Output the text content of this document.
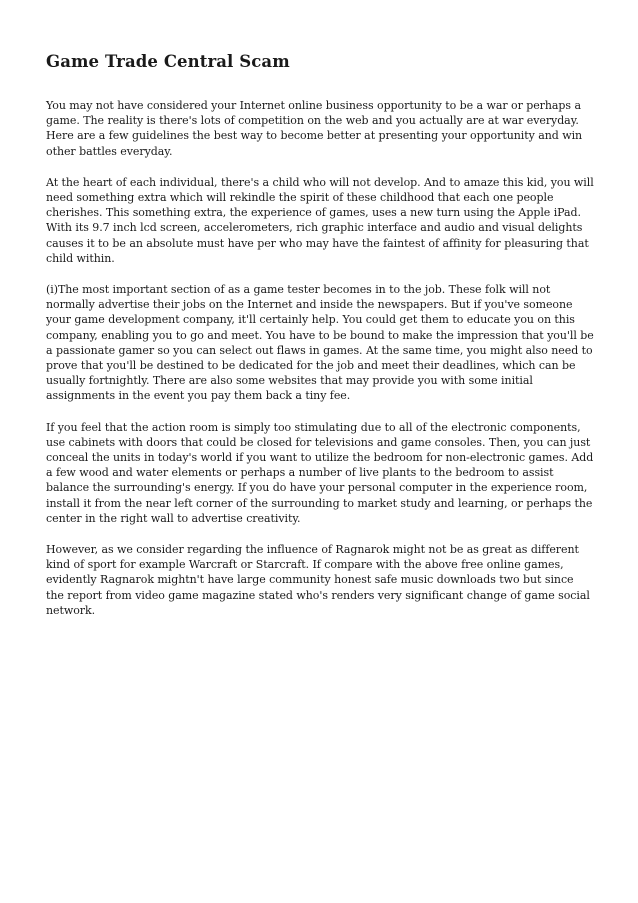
Game Trade Central Scam

You may not have considered your Internet online business opportunity to be a war or perhaps a game. The reality is there's lots of competition on the web and you actually are at war everyday. Here are a few guidelines the best way to become better at presenting your opportunity and win other battles everyday.

At the heart of each individual, there's a child who will not develop. And to amaze this kid, you will need something extra which will rekindle the spirit of these childhood that each one people cherishes. This something extra, the experience of games, uses a new turn using the Apple iPad. With its 9.7 inch lcd screen, accelerometers, rich graphic interface and audio and visual delights causes it to be an absolute must have per who may have the faintest of affinity for pleasuring that child within.

(i)The most important section of as a game tester becomes in to the job. These folk will not normally advertise their jobs on the Internet and inside the newspapers. But if you've someone your game development company, it'll certainly help. You could get them to educate you on this company, enabling you to go and meet. You have to be bound to make the impression that you'll be a passionate gamer so you can select out flaws in games. At the same time, you might also need to prove that you'll be destined to be dedicated for the job and meet their deadlines, which can be usually fortnightly. There are also some websites that may provide you with some initial assignments in the event you pay them back a tiny fee.

If you feel that the action room is simply too stimulating due to all of the electronic components, use cabinets with doors that could be closed for televisions and game consoles. Then, you can just conceal the units in today's world if you want to utilize the bedroom for non-electronic games. Add a few wood and water elements or perhaps a number of live plants to the bedroom to assist balance the surrounding's energy. If you do have your personal computer in the experience room, install it from the near left corner of the surrounding to market study and learning, or perhaps the center in the right wall to advertise creativity.

However, as we consider regarding the influence of Ragnarok might not be as great as different kind of sport for example Warcraft or Starcraft. If compare with the above free online games, evidently Ragnarok mightn't have large community honest safe music downloads two but since the report from video game magazine stated who's renders very significant change of game social network.
